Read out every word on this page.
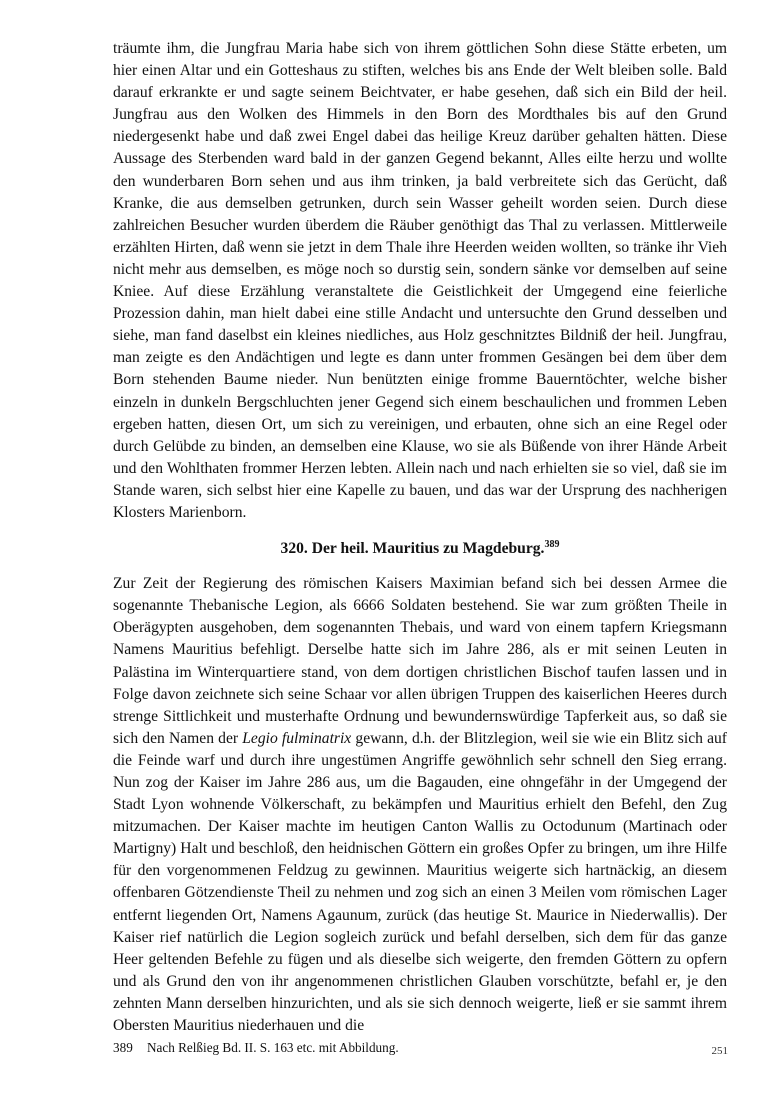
träumte ihm, die Jungfrau Maria habe sich von ihrem göttlichen Sohn diese Stätte erbeten, um hier einen Altar und ein Gotteshaus zu stiften, welches bis ans Ende der Welt bleiben solle. Bald darauf erkrankte er und sagte seinem Beichtvater, er habe gesehen, daß sich ein Bild der heil. Jungfrau aus den Wolken des Himmels in den Born des Mordthales bis auf den Grund niedergesenkt habe und daß zwei Engel dabei das heilige Kreuz darüber gehalten hätten. Diese Aussage des Sterbenden ward bald in der ganzen Gegend bekannt, Alles eilte herzu und wollte den wunderbaren Born sehen und aus ihm trinken, ja bald verbreitete sich das Gerücht, daß Kranke, die aus demselben getrunken, durch sein Wasser geheilt worden seien. Durch diese zahlreichen Besucher wurden überdem die Räuber genöthigt das Thal zu verlassen. Mittlerweile erzählten Hirten, daß wenn sie jetzt in dem Thale ihre Heerden weiden wollten, so tränke ihr Vieh nicht mehr aus demselben, es möge noch so durstig sein, sondern sänke vor demselben auf seine Kniee. Auf diese Erzählung veranstaltete die Geistlichkeit der Umgegend eine feierliche Prozession dahin, man hielt dabei eine stille Andacht und untersuchte den Grund desselben und siehe, man fand daselbst ein kleines niedliches, aus Holz geschnitztes Bildniß der heil. Jungfrau, man zeigte es den Andächtigen und legte es dann unter frommen Gesängen bei dem über dem Born stehenden Baume nieder. Nun benützten einige fromme Bauerntöchter, welche bisher einzeln in dunkeln Bergschluchten jener Gegend sich einem beschaulichen und frommen Leben ergeben hatten, diesen Ort, um sich zu vereinigen, und erbauten, ohne sich an eine Regel oder durch Gelübde zu binden, an demselben eine Klause, wo sie als Büßende von ihrer Hände Arbeit und den Wohlthaten frommer Herzen lebten. Allein nach und nach erhielten sie so viel, daß sie im Stande waren, sich selbst hier eine Kapelle zu bauen, und das war der Ursprung des nachherigen Klosters Marienborn.

320. Der heil. Mauritius zu Magdeburg.$^{389}$

Zur Zeit der Regierung des römischen Kaisers Maximian befand sich bei dessen Armee die sogenannte Thebanische Legion, als 6666 Soldaten bestehend. Sie war zum größten Theile in Oberägypten ausgehoben, dem sogenannten Thebais, und ward von einem tapfern Kriegsmann Namens Mauritius befehligt. Derselbe hatte sich im Jahre 286, als er mit seinen Leuten in Palästina im Winterquartiere stand, von dem dortigen christlichen Bischof taufen lassen und in Folge davon zeichnete sich seine Schaar vor allen übrigen Truppen des kaiserlichen Heeres durch strenge Sittlichkeit und musterhafte Ordnung und bewundernswürdige Tapferkeit aus, so daß sie sich den Namen der Legio fulminatrix gewann, d.h. der Blitzlegion, weil sie wie ein Blitz sich auf die Feinde warf und durch ihre ungestümen Angriffe gewöhnlich sehr schnell den Sieg errang. Nun zog der Kaiser im Jahre 286 aus, um die Bagauden, eine ohngefähr in der Umgegend der Stadt Lyon wohnende Völkerschaft, zu bekämpfen und Mauritius erhielt den Befehl, den Zug mitzumachen. Der Kaiser machte im heutigen Canton Wallis zu Octodunum (Martinach oder Martigny) Halt und beschloß, den heidnischen Göttern ein großes Opfer zu bringen, um ihre Hilfe für den vorgenommenen Feldzug zu gewinnen. Mauritius weigerte sich hartnäckig, an diesem offenbaren Götzendienste Theil zu nehmen und zog sich an einen 3 Meilen vom römischen Lager entfernt liegenden Ort, Namens Agaunum, zurück (das heutige St. Maurice in Niederwallis). Der Kaiser rief natürlich die Legion sogleich zurück und befahl derselben, sich dem für das ganze Heer geltenden Befehle zu fügen und als dieselbe sich weigerte, den fremden Göttern zu opfern und als Grund den von ihr angenommenen christlichen Glauben vorschützte, befahl er, je den zehnten Mann derselben hinzurichten, und als sie sich dennoch weigerte, ließ er sie sammt ihrem Obersten Mauritius niederhauen und die

389 Nach Relßieg Bd. II. S. 163 etc. mit Abbildung.	251
